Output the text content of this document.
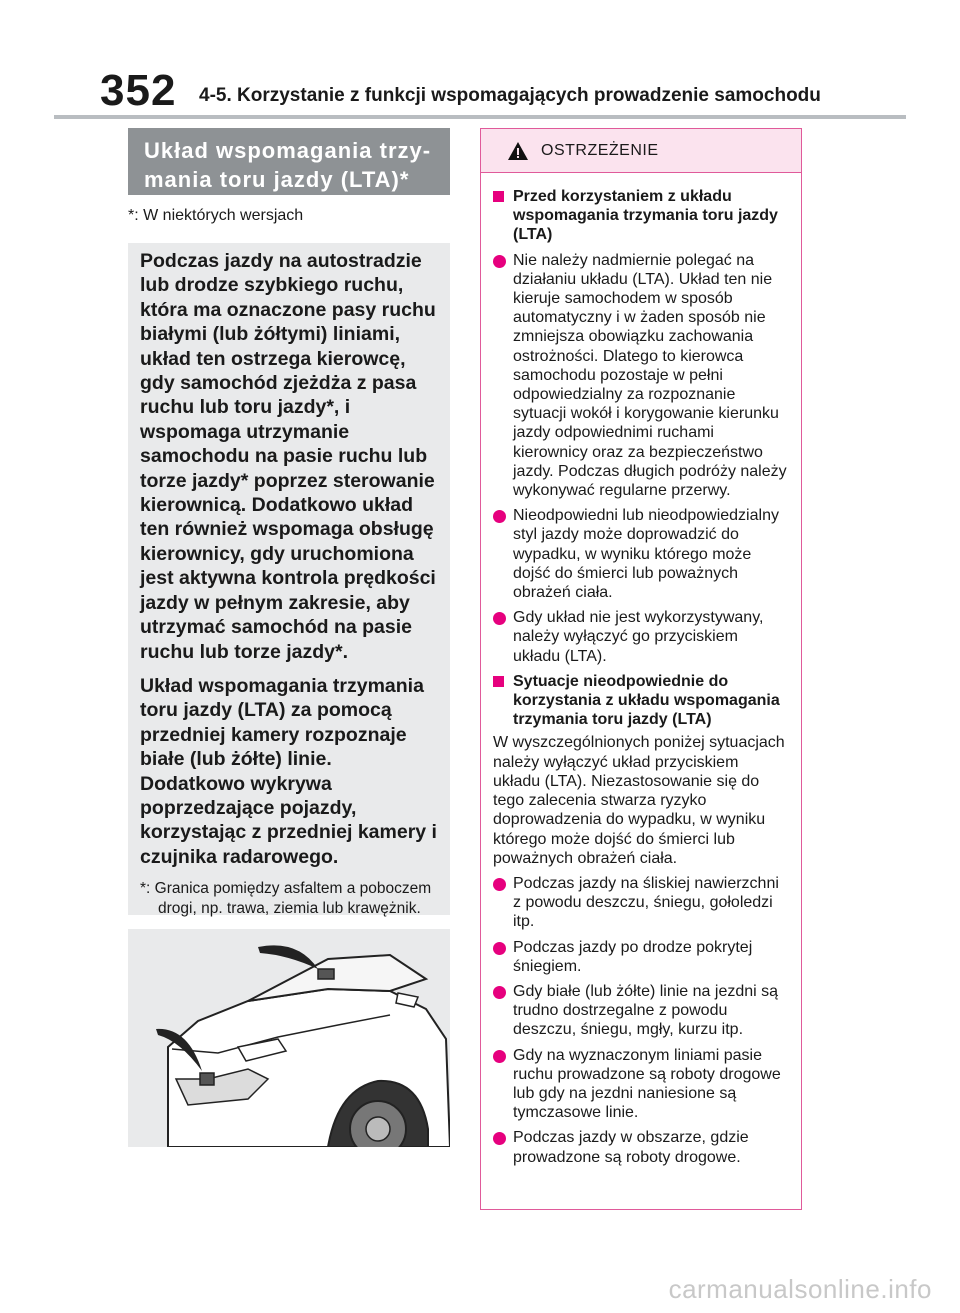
352 4-5. Korzystanie z funkcji wspomagających prowadzenie samochodu
Układ wspomagania trzy-
mania toru jazdy (LTA)*
*: W niektórych wersjach

Podczas jazdy na autostradzie lub drodze szybkiego ruchu, która ma oznaczone pasy ruchu białymi (lub żółtymi) liniami, układ ten ostrzega kierowcę, gdy samochód zjeżdża z pasa ruchu lub toru jazdy*, i wspomaga utrzymanie samochodu na pasie ruchu lub torze jazdy* poprzez sterowanie kierownicą. Dodatkowo układ ten również wspomaga obsługę kierownicy, gdy uruchomiona jest aktywna kontrola prędkości jazdy w pełnym zakresie, aby utrzymać samochód na pasie ruchu lub torze jazdy*.

Układ wspomagania trzymania toru jazdy (LTA) za pomocą przedniej kamery rozpoznaje białe (lub żółte) linie. Dodatkowo wykrywa poprzedzające pojazdy, korzystając z przedniej kamery i czujnika radarowego.

*: Granica pomiędzy asfaltem a poboczem drogi, np. trawa, ziemia lub krawężnik.
OSTRZEŻENIE
Przed korzystaniem z układu wspomagania trzymania toru jazdy (LTA)
Nie należy nadmiernie polegać na działaniu układu (LTA). Układ ten nie kieruje samochodem w sposób automatyczny i w żaden sposób nie zmniejsza obowiązku zachowania ostrożności. Dlatego to kierowca samochodu pozostaje w pełni odpowiedzialny za rozpoznanie sytuacji wokół i korygowanie kierunku jazdy odpowiednimi ruchami kierownicy oraz za bezpieczeństwo jazdy. Podczas długich podróży należy wykonywać regularne przerwy.
Nieodpowiedni lub nieodpowiedzialny styl jazdy może doprowadzić do wypadku, w wyniku którego może dojść do śmierci lub poważnych obrażeń ciała.
Gdy układ nie jest wykorzystywany, należy wyłączyć go przyciskiem układu (LTA).
Sytuacje nieodpowiednie do korzystania z układu wspomagania trzymania toru jazdy (LTA)
W wyszczególnionych poniżej sytuacjach należy wyłączyć układ przyciskiem układu (LTA). Niezastosowanie się do tego zalecenia stwarza ryzyko doprowadzenia do wypadku, w wyniku którego może dojść do śmierci lub poważnych obrażeń ciała.
Podczas jazdy na śliskiej nawierzchni z powodu deszczu, śniegu, gołoledzi itp.
Podczas jazdy po drodze pokrytej śniegiem.
Gdy białe (lub żółte) linie na jezdni są trudno dostrzegalne z powodu deszczu, śniegu, mgły, kurzu itp.
Gdy na wyznaczonym liniami pasie ruchu prowadzone są roboty drogowe lub gdy na jezdni naniesione są tymczasowe linie.
Podczas jazdy w obszarze, gdzie prowadzone są roboty drogowe.
carmanualsonline.info
